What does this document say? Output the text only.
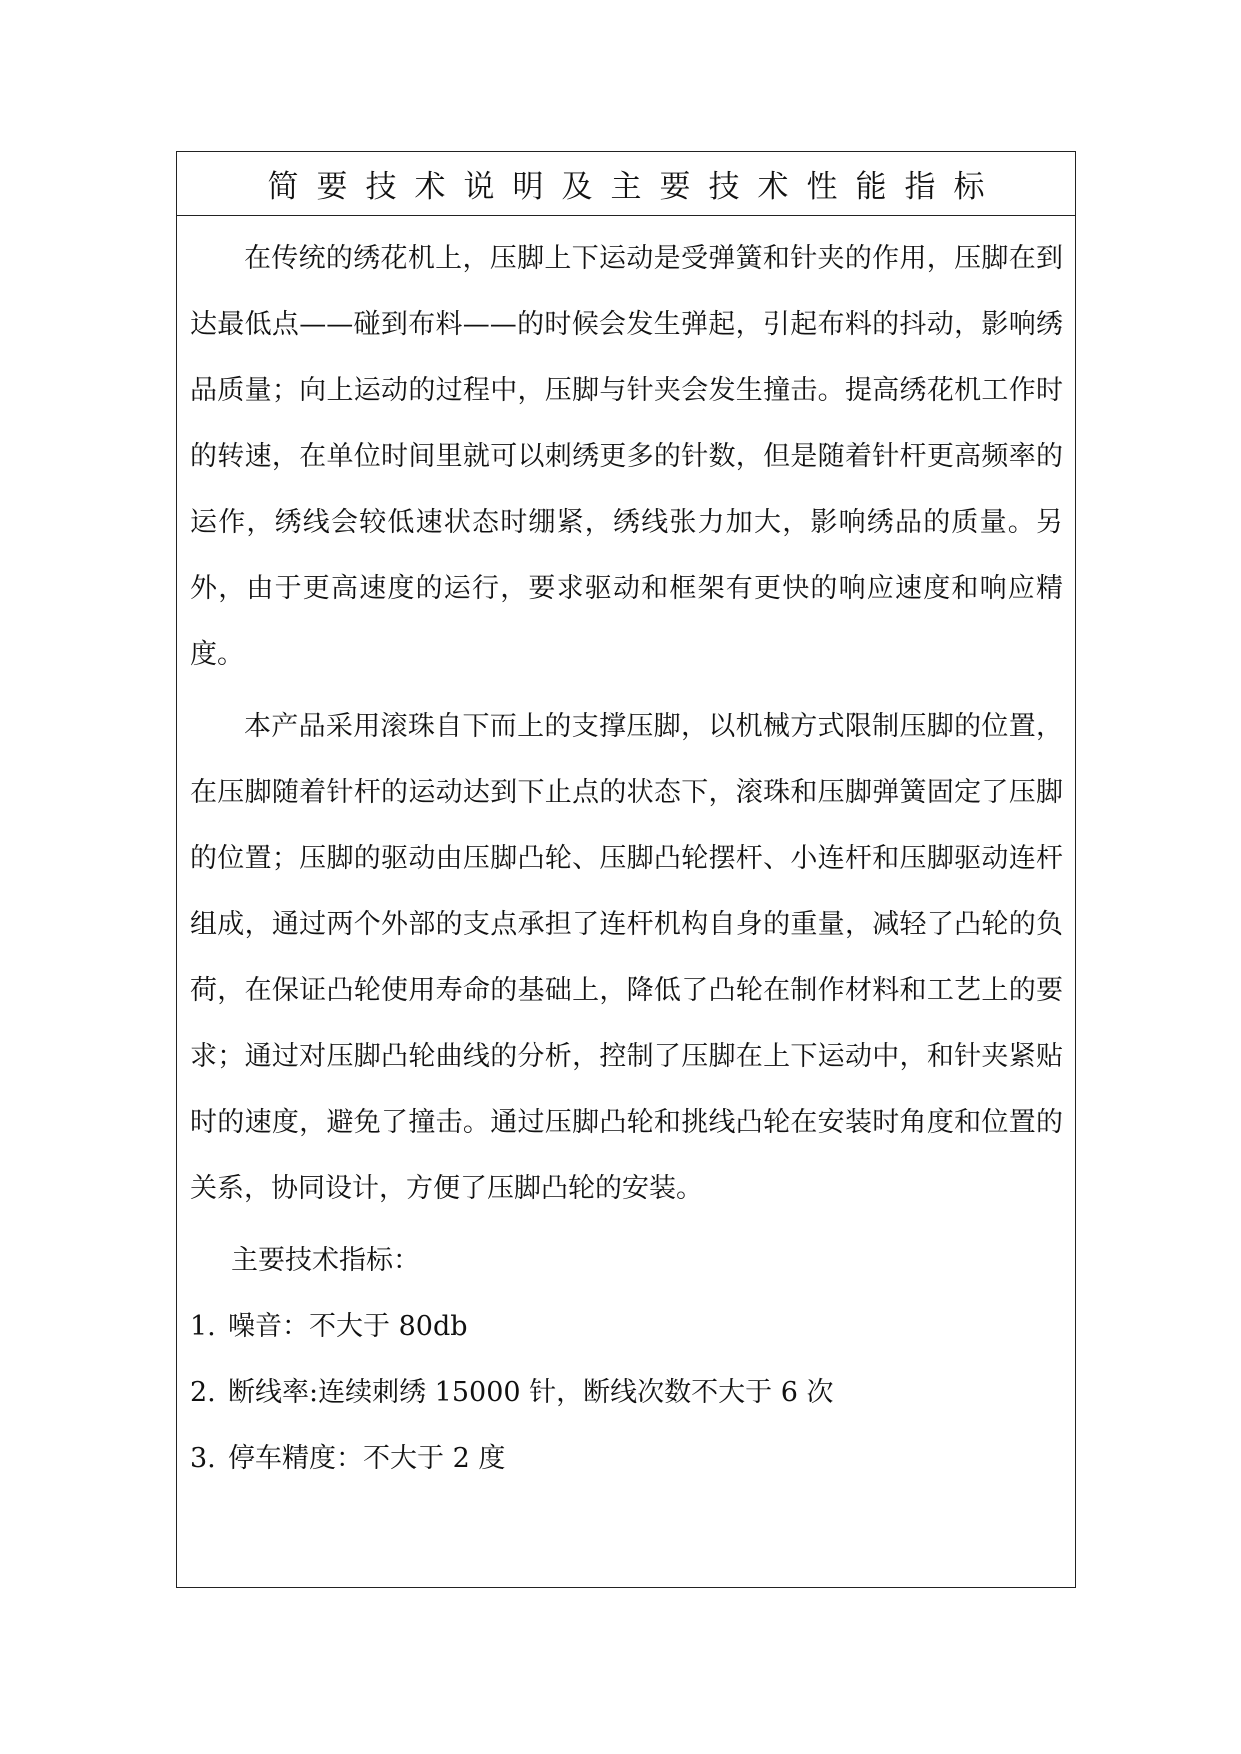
简要技术说明及主要技术性能指标

在传统的绣花机上，压脚上下运动是受弹簧和针夹的作用，压脚在到达最低点——碰到布料——的时候会发生弹起，引起布料的抖动，影响绣品质量；向上运动的过程中，压脚与针夹会发生撞击。提高绣花机工作时的转速，在单位时间里就可以刺绣更多的针数，但是随着针杆更高频率的运作，绣线会较低速状态时绷紧，绣线张力加大，影响绣品的质量。另外，由于更高速度的运行，要求驱动和框架有更快的响应速度和响应精度。

本产品采用滚珠自下而上的支撑压脚，以机械方式限制压脚的位置，在压脚随着针杆的运动达到下止点的状态下，滚珠和压脚弹簧固定了压脚的位置；压脚的驱动由压脚凸轮、压脚凸轮摆杆、小连杆和压脚驱动连杆组成，通过两个外部的支点承担了连杆机构自身的重量，减轻了凸轮的负荷，在保证凸轮使用寿命的基础上，降低了凸轮在制作材料和工艺上的要求；通过对压脚凸轮曲线的分析，控制了压脚在上下运动中，和针夹紧贴时的速度，避免了撞击。通过压脚凸轮和挑线凸轮在安装时角度和位置的关系，协同设计，方便了压脚凸轮的安装。

主要技术指标：
1. 噪音：不大于 80db
2. 断线率:连续刺绣 15000 针，断线次数不大于 6 次
3. 停车精度：不大于 2 度
